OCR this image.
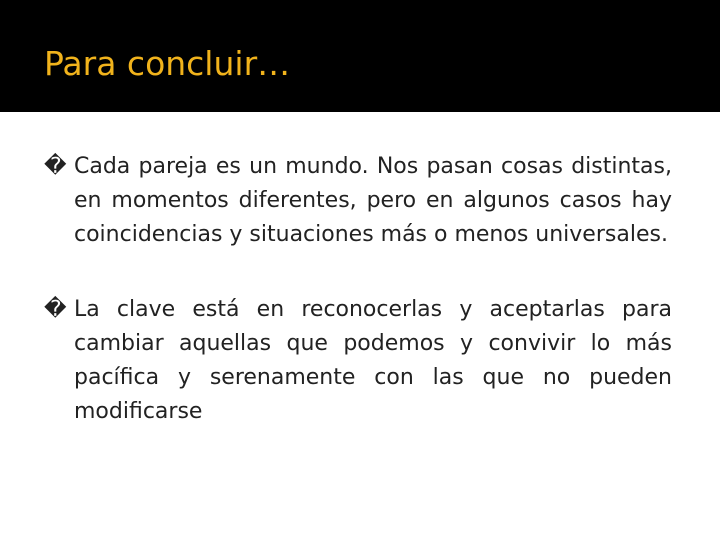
Para concluir…
� Cada pareja es un mundo. Nos pasan cosas distintas, en momentos diferentes, pero en algunos casos hay coincidencias y situaciones más o menos universales.
� La clave está en reconocerlas y aceptarlas para cambiar aquellas que podemos y convivir lo más pacífica y serenamente con las que no pueden modificarse
